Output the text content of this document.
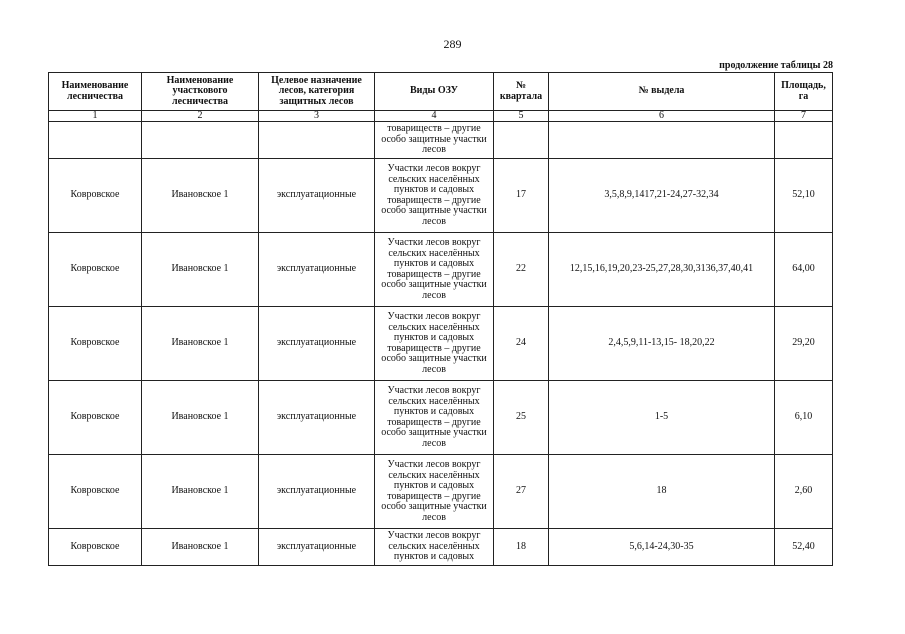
289
продолжение таблицы 28
Наименование лесничества	Наименование участкового лесничества	Целевое назначение лесов, категория защитных лесов	Виды ОЗУ	№ квартала	№ выдела	Площадь, га
1	2	3	4	5	6	7
			товариществ – другие особо защитные участки лесов			
Ковровское	Ивановское 1	эксплуатационные	Участки лесов вокруг сельских населённых пунктов и садовых товариществ – другие особо защитные участки лесов	17	3,5,8,9,1417,21-24,27-32,34	52,10
Ковровское	Ивановское 1	эксплуатационные	Участки лесов вокруг сельских населённых пунктов и садовых товариществ – другие особо защитные участки лесов	22	12,15,16,19,20,23-25,27,28,30,3136,37,40,41	64,00
Ковровское	Ивановское 1	эксплуатационные	Участки лесов вокруг сельских населённых пунктов и садовых товариществ – другие особо защитные участки лесов	24	2,4,5,9,11-13,15- 18,20,22	29,20
Ковровское	Ивановское 1	эксплуатационные	Участки лесов вокруг сельских населённых пунктов и садовых товариществ – другие особо защитные участки лесов	25	1-5	6,10
Ковровское	Ивановское 1	эксплуатационные	Участки лесов вокруг сельских населённых пунктов и садовых товариществ – другие особо защитные участки лесов	27	18	2,60
Ковровское	Ивановское 1	эксплуатационные	Участки лесов вокруг сельских населённых пунктов и садовых	18	5,6,14-24,30-35	52,40
